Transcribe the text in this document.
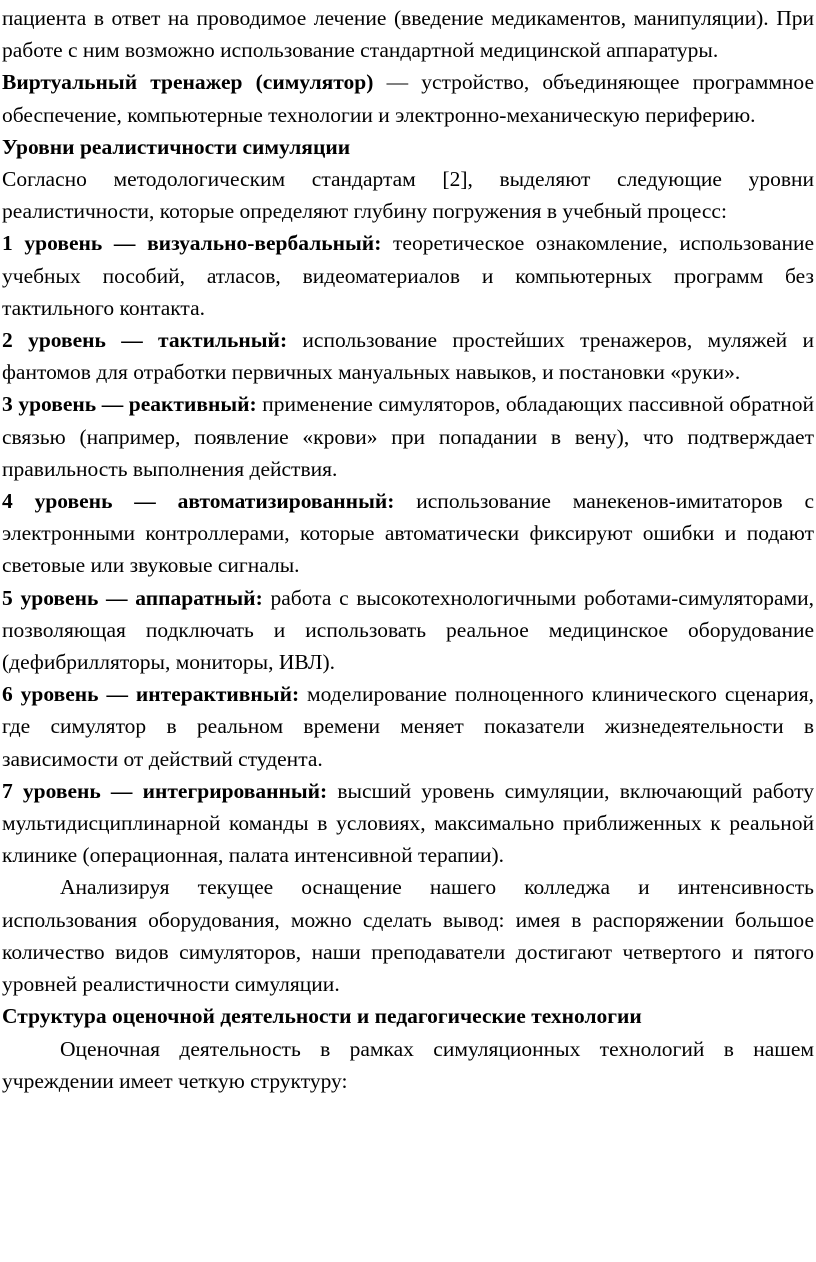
пациента в ответ на проводимое лечение (введение медикаментов, манипуляции). При работе с ним возможно использование стандартной медицинской аппаратуры.

Виртуальный тренажер (симулятор) — устройство, объединяющее программное обеспечение, компьютерные технологии и электронно-механическую периферию.

Уровни реалистичности симуляции

Согласно методологическим стандартам [2], выделяют следующие уровни реалистичности, которые определяют глубину погружения в учебный процесс:

1 уровень — визуально-вербальный: теоретическое ознакомление, использование учебных пособий, атласов, видеоматериалов и компьютерных программ без тактильного контакта.

2 уровень — тактильный: использование простейших тренажеров, муляжей и фантомов для отработки первичных мануальных навыков, и постановки «руки».

3 уровень — реактивный: применение симуляторов, обладающих пассивной обратной связью (например, появление «крови» при попадании в вену), что подтверждает правильность выполнения действия.

4 уровень — автоматизированный: использование манекенов-имитаторов с электронными контроллерами, которые автоматически фиксируют ошибки и подают световые или звуковые сигналы.

5 уровень — аппаратный: работа с высокотехнологичными роботами-симуляторами, позволяющая подключать и использовать реальное медицинское оборудование (дефибрилляторы, мониторы, ИВЛ).

6 уровень — интерактивный: моделирование полноценного клинического сценария, где симулятор в реальном времени меняет показатели жизнедеятельности в зависимости от действий студента.

7 уровень — интегрированный: высший уровень симуляции, включающий работу мультидисциплинарной команды в условиях, максимально приближенных к реальной клинике (операционная, палата интенсивной терапии).

Анализируя текущее оснащение нашего колледжа и интенсивность использования оборудования, можно сделать вывод: имея в распоряжении большое количество видов симуляторов, наши преподаватели достигают четвертого и пятого уровней реалистичности симуляции.

Структура оценочной деятельности и педагогические технологии

Оценочная деятельность в рамках симуляционных технологий в нашем учреждении имеет четкую структуру:
